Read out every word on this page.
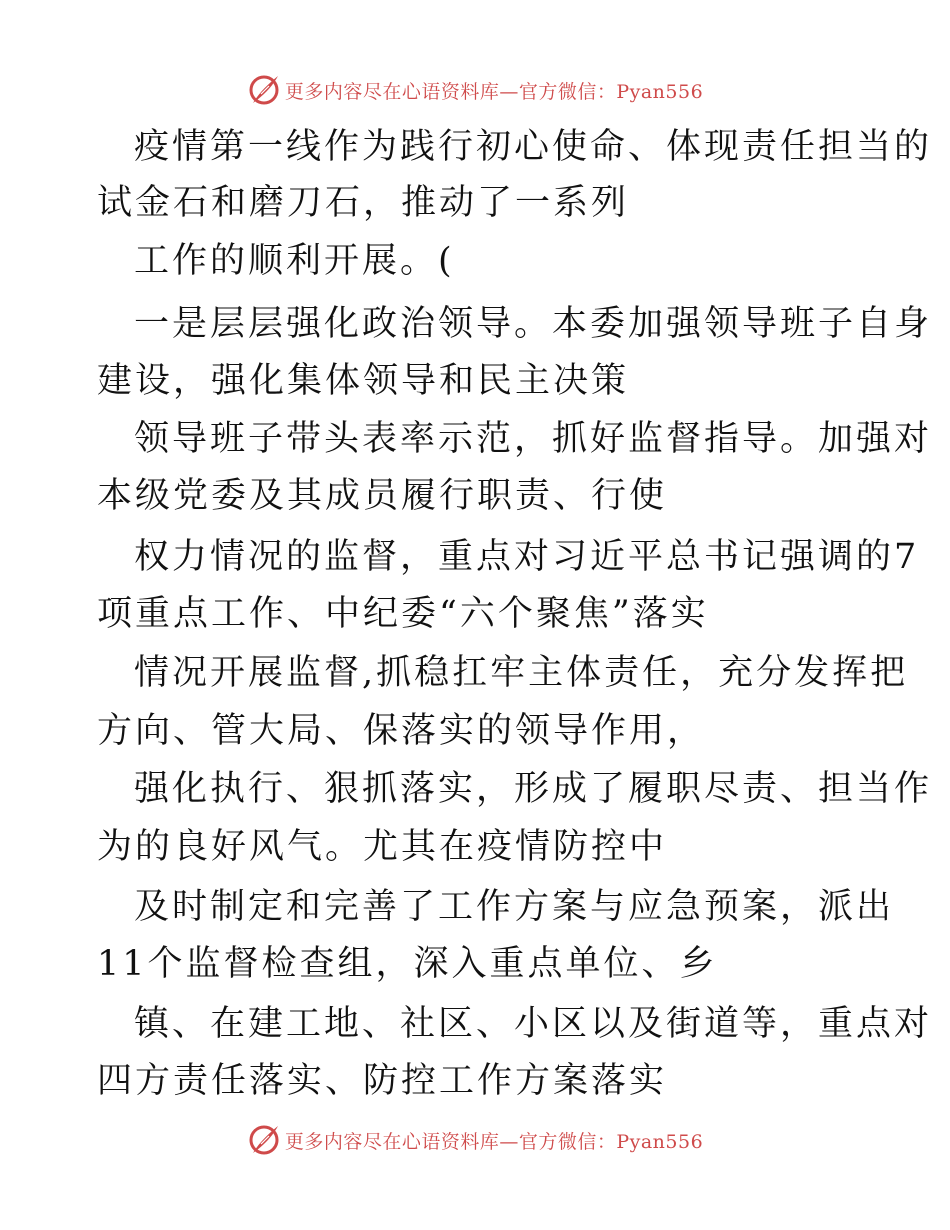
更多内容尽在心语资料库—官方微信：Pyan556
疫情第一线作为践行初心使命、体现责任担当的
试金石和磨刀石，推动了一系列
工作的顺利开展。(
一是层层强化政治领导。本委加强领导班子自身
建设，强化集体领导和民主决策
领导班子带头表率示范，抓好监督指导。加强对
本级党委及其成员履行职责、行使
权力情况的监督，重点对习近平总书记强调的7
项重点工作、中纪委“六个聚焦”落实
情况开展监督,抓稳扛牢主体责任，充分发挥把
方向、管大局、保落实的领导作用，
强化执行、狠抓落实，形成了履职尽责、担当作
为的良好风气。尤其在疫情防控中
及时制定和完善了工作方案与应急预案，派出
11个监督检查组，深入重点单位、乡
镇、在建工地、社区、小区以及街道等，重点对
四方责任落实、防控工作方案落实
更多内容尽在心语资料库—官方微信：Pyan556
